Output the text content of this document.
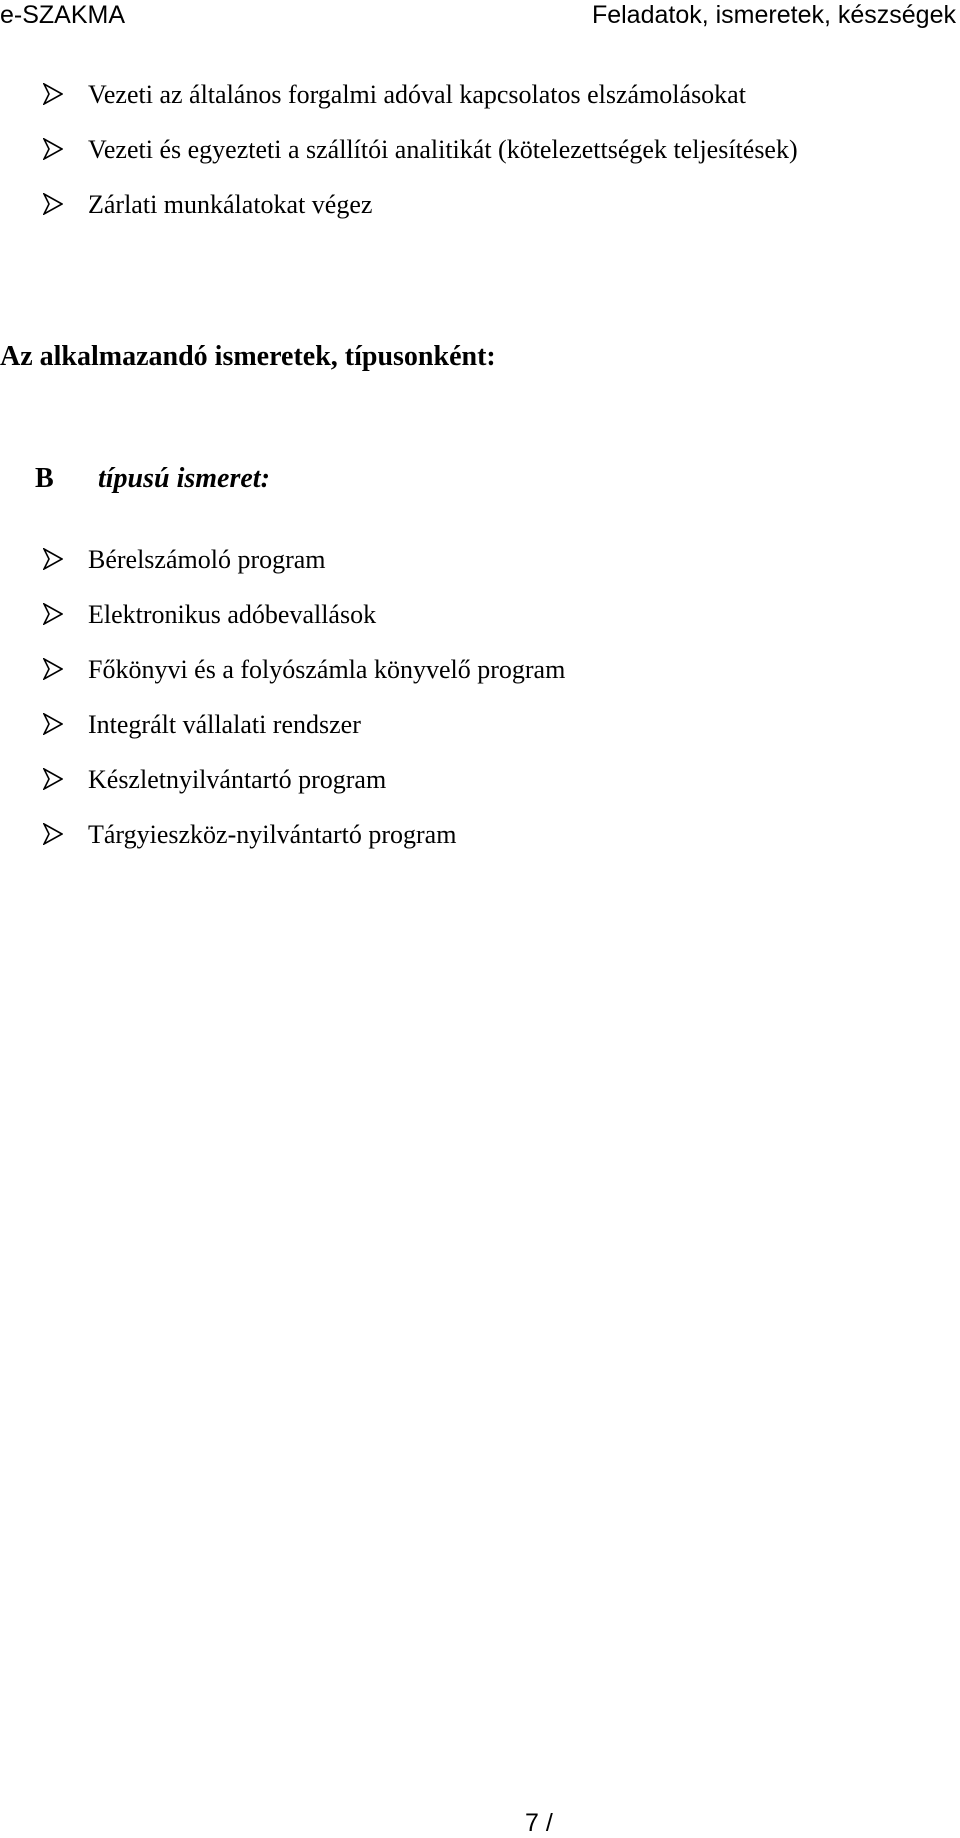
e-SZAKMA	Feladatok, ismeretek, készségek
Vezeti az általános forgalmi adóval kapcsolatos elszámolásokat
Vezeti és egyezteti a szállítói analitikát (kötelezettségek teljesítések)
Zárlati munkálatokat végez
Az alkalmazandó ismeretek, típusonként:
B típusú ismeret:
Bérelszámoló program
Elektronikus adóbevallások
Főkönyvi és a folyószámla könyvelő program
Integrált vállalati rendszer
Készletnyilvántartó program
Tárgyieszköz-nyilvántartó program
7 /
